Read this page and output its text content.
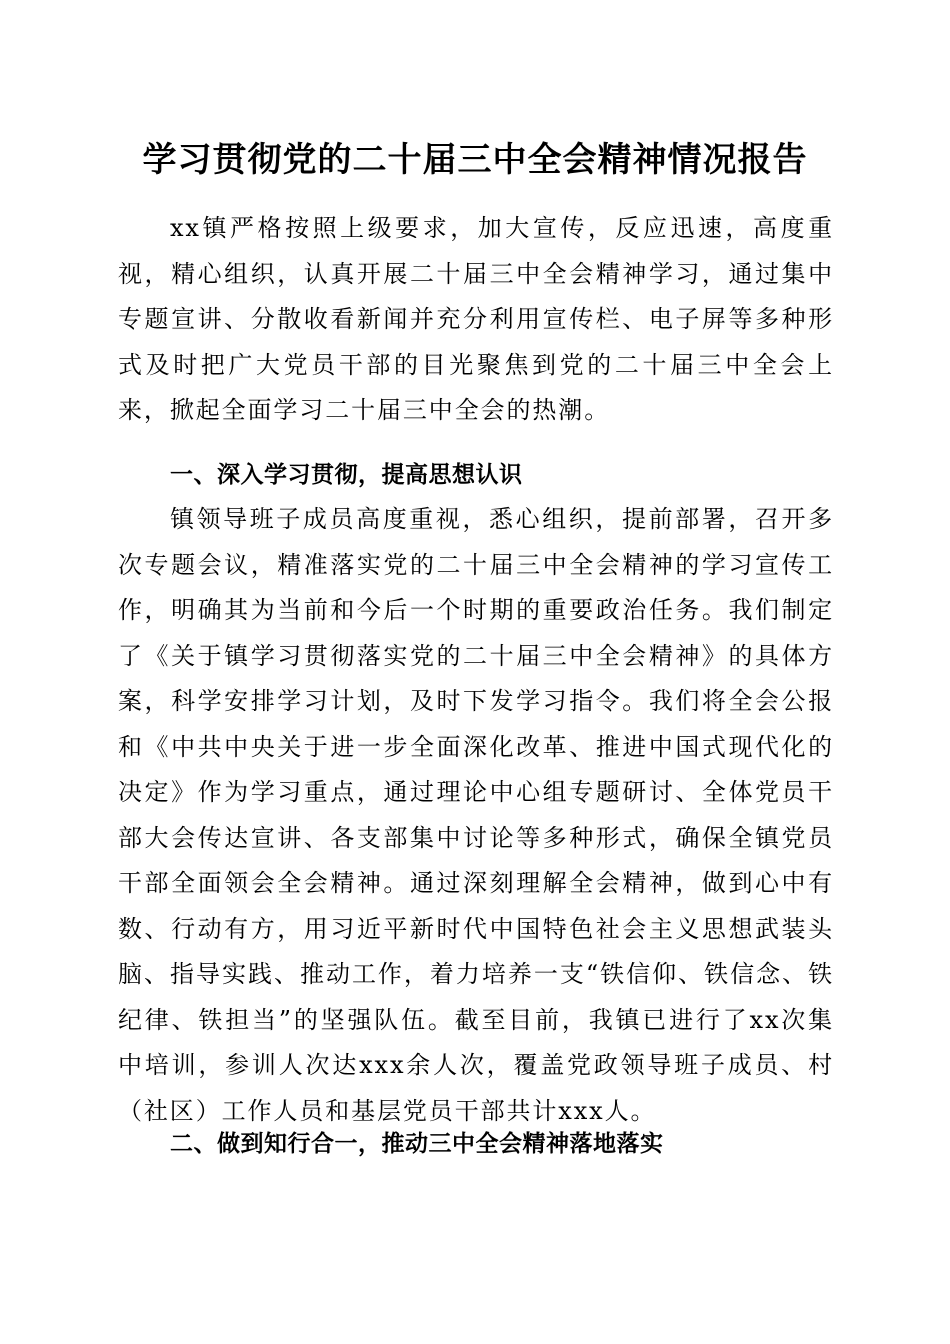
学习贯彻党的二十届三中全会精神情况报告

xx镇严格按照上级要求，加大宣传，反应迅速，高度重视，精心组织，认真开展二十届三中全会精神学习，通过集中专题宣讲、分散收看新闻并充分利用宣传栏、电子屏等多种形式及时把广大党员干部的目光聚焦到党的二十届三中全会上来，掀起全面学习二十届三中全会的热潮。

一、深入学习贯彻，提高思想认识

镇领导班子成员高度重视，悉心组织，提前部署，召开多次专题会议，精准落实党的二十届三中全会精神的学习宣传工作，明确其为当前和今后一个时期的重要政治任务。我们制定了《关于镇学习贯彻落实党的二十届三中全会精神》的具体方案，科学安排学习计划，及时下发学习指令。我们将全会公报和《中共中央关于进一步全面深化改革、推进中国式现代化的决定》作为学习重点，通过理论中心组专题研讨、全体党员干部大会传达宣讲、各支部集中讨论等多种形式，确保全镇党员干部全面领会全会精神。通过深刻理解全会精神，做到心中有数、行动有方，用习近平新时代中国特色社会主义思想武装头脑、指导实践、推动工作，着力培养一支“铁信仰、铁信念、铁纪律、铁担当”的坚强队伍。截至目前，我镇已进行了xx次集中培训，参训人次达xxx余人次，覆盖党政领导班子成员、村（社区）工作人员和基层党员干部共计xxx人。

二、做到知行合一，推动三中全会精神落地落实
